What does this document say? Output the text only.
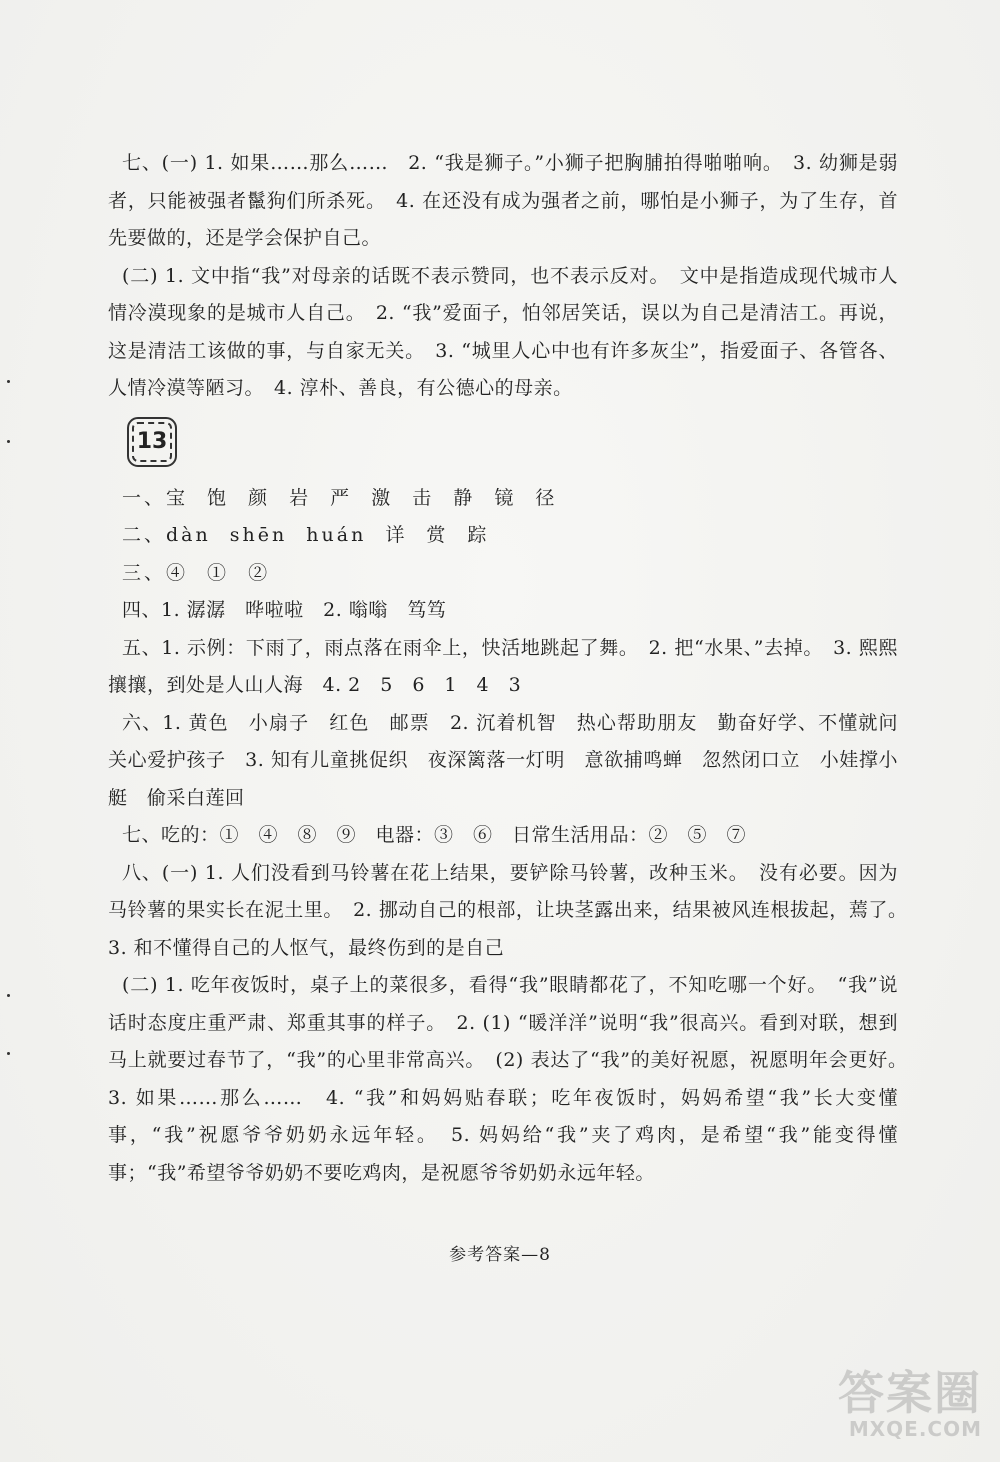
七、(一) 1. 如果……那么……　2. “我是狮子。”小狮子把胸脯拍得啪啪响。　3. 幼狮是弱者，只能被强者鬣狗们所杀死。　4. 在还没有成为强者之前，哪怕是小狮子，为了生存，首先要做的，还是学会保护自己。

(二) 1. 文中指“我”对母亲的话既不表示赞同，也不表示反对。　文中是指造成现代城市人情冷漠现象的是城市人自己。　2. “我”爱面子，怕邻居笑话，误以为自己是清洁工。再说，这是清洁工该做的事，与自家无关。　3. “城里人心中也有许多灰尘”，指爱面子、各管各、人情冷漠等陋习。　4. 淳朴、善良，有公德心的母亲。

13

一、宝 饱 颜 岩 严 激 击 静 镜 径

二、dàn shēn huán 详 赏 踪

三、④ ① ②

四、1. 潺潺　哗啦啦　2. 嗡嗡　笃笃

五、1. 示例：下雨了，雨点落在雨伞上，快活地跳起了舞。　2. 把“水果、”去掉。　3. 熙熙攘攘，到处是人山人海　4. 2　5　6　1　4　3

六、1. 黄色　小扇子　红色　邮票　2. 沉着机智　热心帮助朋友　勤奋好学、不懂就问　关心爱护孩子　3. 知有儿童挑促织　夜深篱落一灯明　意欲捕鸣蝉　忽然闭口立　小娃撑小艇　偷采白莲回

七、吃的：①　④　⑧　⑨　电器：③　⑥　日常生活用品：②　⑤　⑦

八、(一) 1. 人们没看到马铃薯在花上结果，要铲除马铃薯，改种玉米。　没有必要。因为马铃薯的果实长在泥土里。　2. 挪动自己的根部，让块茎露出来，结果被风连根拔起，蔫了。　3. 和不懂得自己的人怄气，最终伤到的是自己

(二) 1. 吃年夜饭时，桌子上的菜很多，看得“我”眼睛都花了，不知吃哪一个好。　“我”说话时态度庄重严肃、郑重其事的样子。　2. (1) “暖洋洋”说明“我”很高兴。看到对联，想到马上就要过春节了，“我”的心里非常高兴。　(2) 表达了“我”的美好祝愿，祝愿明年会更好。　3. 如果……那么……　4. “我”和妈妈贴春联；吃年夜饭时，妈妈希望“我”长大变懂事，“我”祝愿爷爷奶奶永远年轻。　5. 妈妈给“我”夹了鸡肉，是希望“我”能变得懂事；“我”希望爷爷奶奶不要吃鸡肉，是祝愿爷爷奶奶永远年轻。

参考答案—8
答案圈
MXQE.COM
